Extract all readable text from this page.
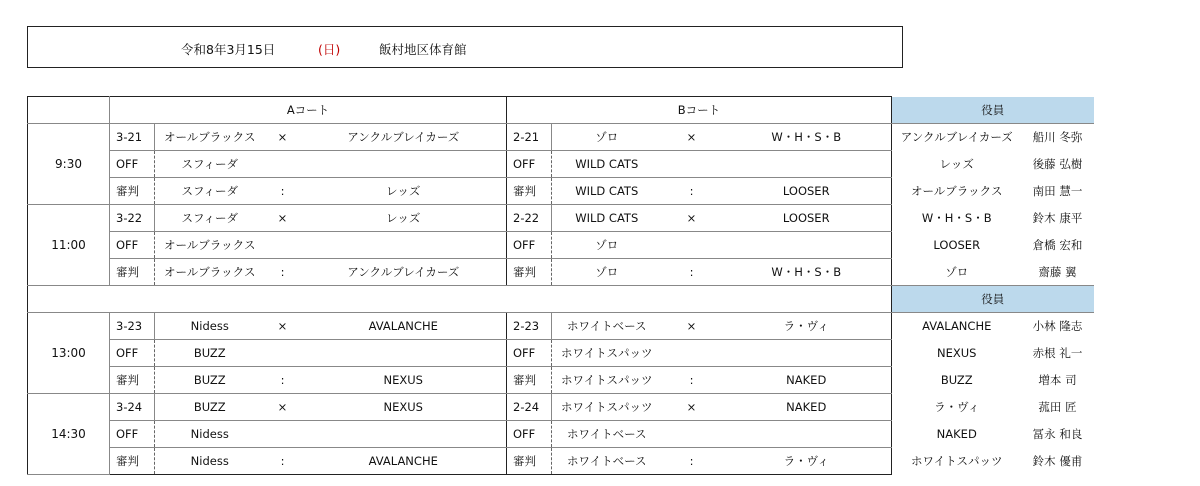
令和8年3月15日	(日)	飯村地区体育館
	Aコート				Bコート				役員	
9:30	3-21	オールブラックス	×	アンクルブレイカーズ	2-21	ゾロ	×	W・H・S・B	アンクルブレイカーズ	船川 冬弥
	OFF	スフィーダ			OFF	WILD CATS			レッズ	後藤 弘樹
	審判	スフィーダ	:	レッズ	審判	WILD CATS	:	LOOSER	オールブラックス	南田 慧一
11:00	3-22	スフィーダ	×	レッズ	2-22	WILD CATS	×	LOOSER	W・H・S・B	鈴木 康平
	OFF	オールブラックス			OFF	ゾロ			LOOSER	倉橋 宏和
	審判	オールブラックス	:	アンクルブレイカーズ	審判	ゾロ	:	W・H・S・B	ゾロ	齋藤 翼
									役員	
13:00	3-23	Nidess	×	AVALANCHE	2-23	ホワイトベース	×	ラ・ヴィ	AVALANCHE	小林 隆志
	OFF	BUZZ			OFF	ホワイトスパッツ			NEXUS	赤根 礼一
	審判	BUZZ	:	NEXUS	審判	ホワイトスパッツ	:	NAKED	BUZZ	増本 司
14:30	3-24	BUZZ	×	NEXUS	2-24	ホワイトスパッツ	×	NAKED	ラ・ヴィ	菰田 匠
	OFF	Nidess			OFF	ホワイトベース			NAKED	冨永 和良
	審判	Nidess	:	AVALANCHE	審判	ホワイトベース	:	ラ・ヴィ	ホワイトスパッツ	鈴木 優甫
